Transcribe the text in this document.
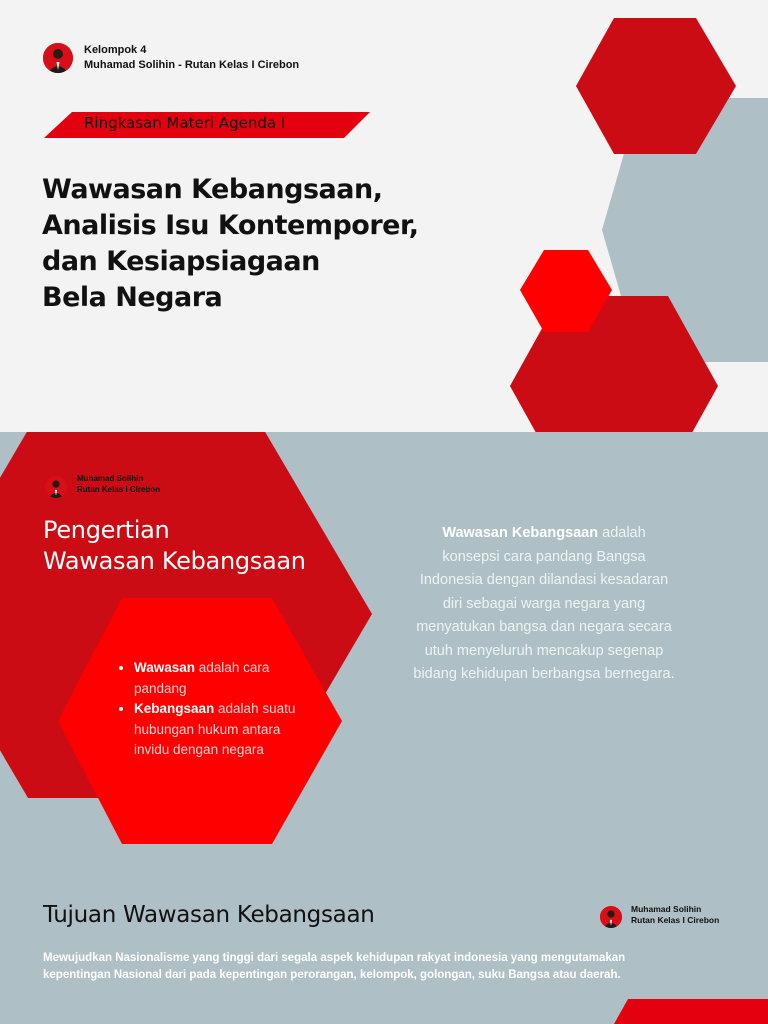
Kelompok 4
Muhamad Solihin - Rutan Kelas I Cirebon
Ringkasan Materi Agenda I
Wawasan Kebangsaan,
Analisis Isu Kontemporer,
dan Kesiapsiagaan
Bela Negara
Muhamad Solihin
Rutan Kelas I Cirebon
Pengertian
Wawasan Kebangsaan
• Wawasan adalah cara pandang
• Kebangsaan adalah suatu hubungan hukum antara invidu dengan negara
Wawasan Kebangsaan adalah konsepsi cara pandang Bangsa Indonesia dengan dilandasi kesadaran diri sebagai warga negara yang menyatukan bangsa dan negara secara utuh menyeluruh mencakup segenap bidang kehidupan berbangsa bernegara.
Tujuan Wawasan Kebangsaan	Muhamad Solihin
Rutan Kelas I Cirebon
Mewujudkan Nasionalisme yang tinggi dari segala aspek kehidupan rakyat indonesia yang mengutamakan kepentingan Nasional dari pada kepentingan perorangan, kelompok, golongan, suku Bangsa atau daerah.
